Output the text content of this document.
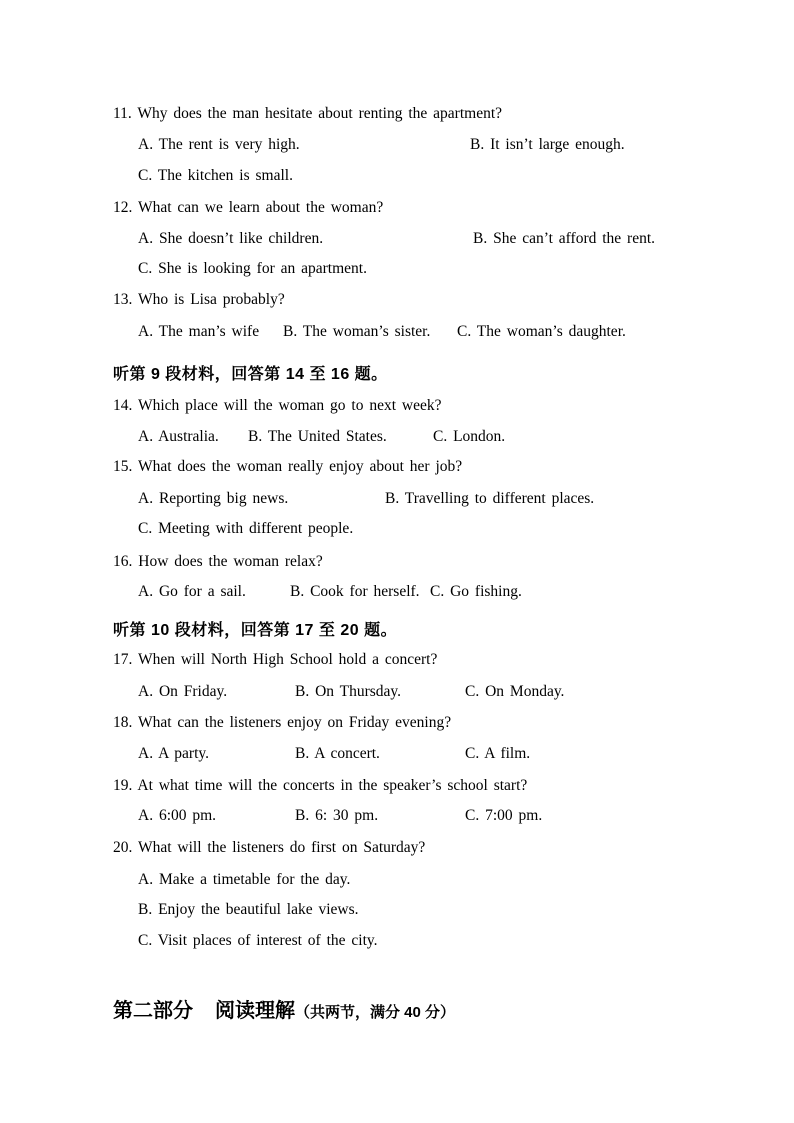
11. Why does the man hesitate about renting the apartment?
A. The rent is very high.	B. It isn’t large enough.
C. The kitchen is small.
12. What can we learn about the woman?
A. She doesn’t like children.	B. She can’t afford the rent.
C. She is looking for an apartment.
13. Who is Lisa probably?
A. The man’s wife B. The woman’s sister. C. The woman’s daughter.
听第 9 段材料，回答第 14 至 16 题。
14. Which place will the woman go to next week?
A. Australia. B. The United States.	C. London.
15. What does the woman really enjoy about her job?
A. Reporting big news.	B. Travelling to different places.
C. Meeting with different people.
16. How does the woman relax?
A. Go for a sail.	B. Cook for herself. C. Go fishing.
听第 10 段材料，回答第 17 至 20 题。
17. When will North High School hold a concert?
A. On Friday.	B. On Thursday.	C. On Monday.
18. What can the listeners enjoy on Friday evening?
A. A party.	B. A concert.	C. A film.
19. At what time will the concerts in the speaker’s school start?
A. 6:00 pm.	B. 6: 30 pm.	C. 7:00 pm.
20. What will the listeners do first on Saturday?
A. Make a timetable for the day.
B. Enjoy the beautiful lake views.
C. Visit places of interest of the city.
第二部分 阅读理解（共两节，满分 40 分）
